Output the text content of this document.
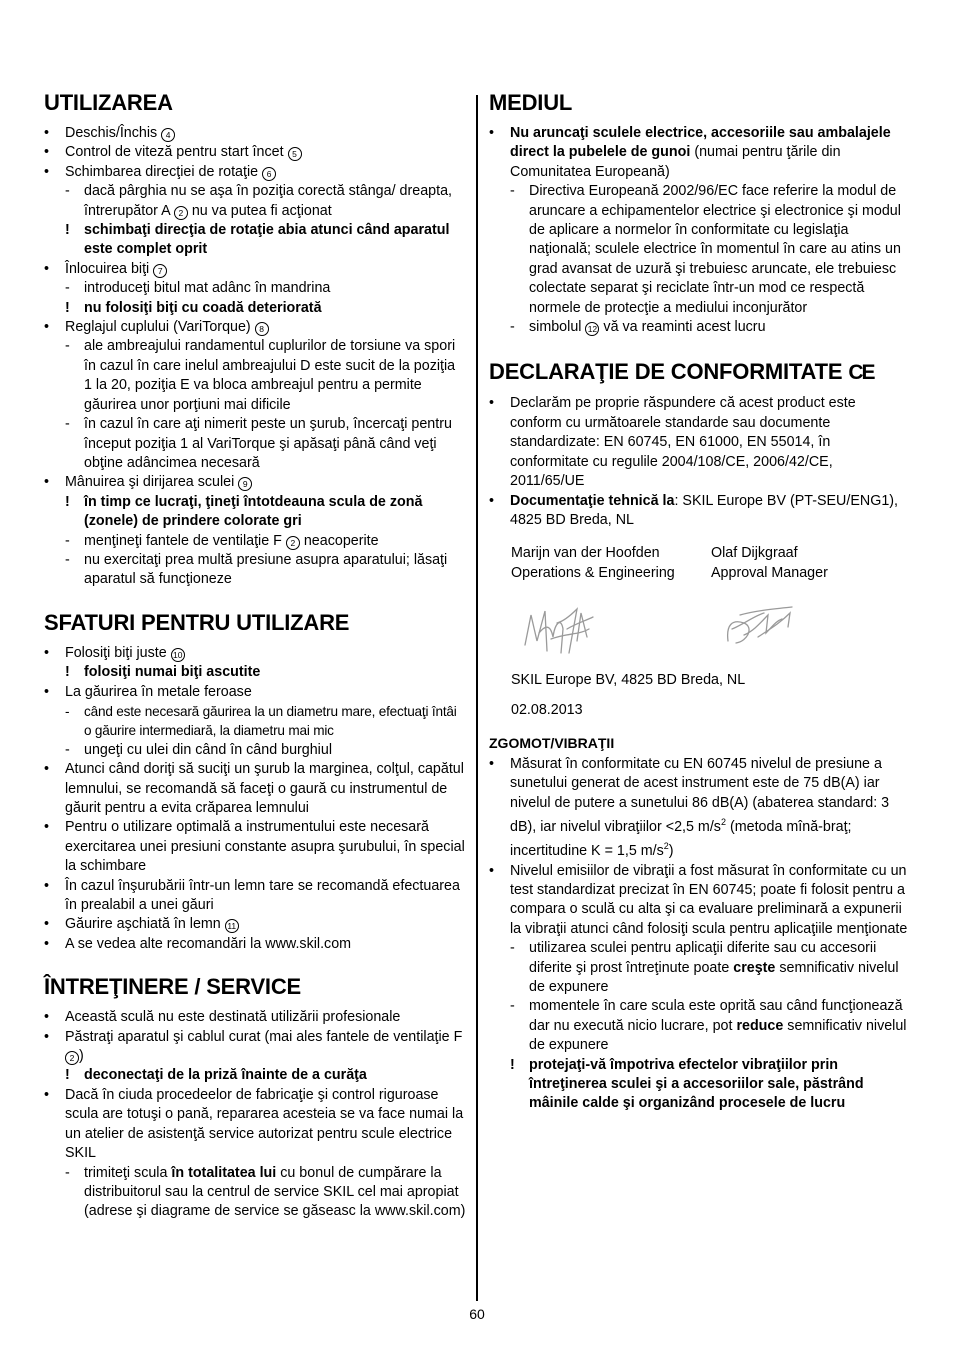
UTILIZAREA
• Deschis/Închis 4
• Control de viteză pentru start încet 5
• Schimbarea direcţiei de rotaţie 6
- dacă pârghia nu se aşa în poziţia corectă stânga/ dreapta, întrerupător A 2 nu va putea fi acţionat
! schimbaţi direcţia de rotaţie abia atunci când aparatul este complet oprit
• Înlocuirea biţi 7
- introduceţi bitul mat adânc în mandrina
! nu folosiţi biţi cu coadă deteriorată
• Reglajul cuplului (VariTorque) 8
- ale ambreajului randamentul cuplurilor de torsiune va spori în cazul în care inelul ambreajului D este sucit de la poziţia 1 la 20, poziţia E va bloca ambreajul pentru a permite găurirea unor porţiuni mai dificile
- în cazul în care aţi nimerit peste un şurub, încercaţi pentru început poziţia 1 al VariTorque şi apăsaţi până când veţi obţine adâncimea necesară
• Mânuirea şi dirijarea sculei 9
! în timp ce lucraţi, ţineţi întotdeauna scula de zonă (zonele) de prindere colorate gri
- menţineţi fantele de ventilaţie F 2 neacoperite
- nu exercitaţi prea multă presiune asupra aparatului; lăsaţi aparatul să funcţioneze
SFATURI PENTRU UTILIZARE
• Folosiţi biţi juste 10
! folosiţi numai biţi ascutite
• La găurirea în metale feroase
- când este necesară găurirea la un diametru mare, efectuaţi întâi o găurire intermediară, la diametru mai mic
- ungeţi cu ulei din când în când burghiul
• Atunci când doriţi să suciţi un şurub la marginea, colţul, capătul lemnului, se recomandă să faceţi o gaură cu instrumentul de găurit pentru a evita crăparea lemnului
• Pentru o utilizare optimală a instrumentului este necesară exercitarea unei presiuni constante asupra şurubului, în special la schimbare
• În cazul înşurubării într-un lemn tare se recomandă efectuarea în prealabil a unei găuri
• Găurire aşchiată în lemn 11
• A se vedea alte recomandări la www.skil.com
ÎNTREŢINERE / SERVICE
• Această sculă nu este destinată utilizării profesionale
• Păstraţi aparatul şi cablul curat (mai ales fantele de ventilaţie F 2 )
! deconectaţi de la priză înainte de a curăţa
• Dacă în ciuda procedeelor de fabricaţie şi control riguroase scula are totuşi o pană, repararea acesteia se va face numai la un atelier de asistenţă service autorizat pentru scule electrice SKIL
- trimiteţi scula în totalitatea lui cu bonul de cumpărare la distribuitorul sau la centrul de service SKIL cel mai apropiat (adrese şi diagrame de service se găseasc la www.skil.com)
MEDIUL
• Nu aruncaţi sculele electrice, accesoriile sau ambalajele direct la pubelele de gunoi (numai pentru ţările din Comunitatea Europeană)
- Directiva Europeană 2002/96/EC face referire la modul de aruncare a echipamentelor electrice şi electronice şi modul de aplicare a normelor în conformitate cu legislaţia naţională; sculele electrice în momentul în care au atins un grad avansat de uzură şi trebuiesc aruncate, ele trebuiesc colectate separat şi reciclate într-un mod ce respectă normele de protecţie a mediului inconjurător
- simbolul 12 vă va reaminti acest lucru
DECLARAŢIE DE CONFORMITATE CE
• Declarăm pe proprie răspundere că acest product este conform cu următoarele standarde sau documente standardizate: EN 60745, EN 61000, EN 55014, în conformitate cu regulile 2004/108/CE, 2006/42/CE, 2011/65/UE
• Documentaţie tehnică la: SKIL Europe BV (PT-SEU/ENG1), 4825 BD Breda, NL
Marijn van der Hoofden
Operations & Engineering
Olaf Dijkgraaf
Approval Manager
SKIL Europe BV, 4825 BD Breda, NL
02.08.2013
ZGOMOT/VIBRAŢII
• Măsurat în conformitate cu EN 60745 nivelul de presiune a sunetului generat de acest instrument este de 75 dB(A) iar nivelul de putere a sunetului 86 dB(A) (abaterea standard: 3 dB), iar nivelul vibraţiilor <2,5 $m/s^2$ (metoda mînă-braţ; incertitudine K = 1,5 $m/s^2$)
• Nivelul emisiilor de vibraţii a fost măsurat în conformitate cu un test standardizat precizat în EN 60745; poate fi folosit pentru a compara o sculă cu alta şi ca evaluare preliminară a expunerii la vibraţii atunci când folosiţi scula pentru aplicaţiile menţionate
- utilizarea sculei pentru aplicaţii diferite sau cu accesorii diferite şi prost întreţinute poate creşte semnificativ nivelul de expunere
- momentele în care scula este oprită sau când funcţionează dar nu execută nicio lucrare, pot reduce semnificativ nivelul de expunere
! protejaţi-vă împotriva efectelor vibraţiilor prin întreţinerea sculei şi a accesoriilor sale, păstrând mâinile calde şi organizând procesele de lucru
60
